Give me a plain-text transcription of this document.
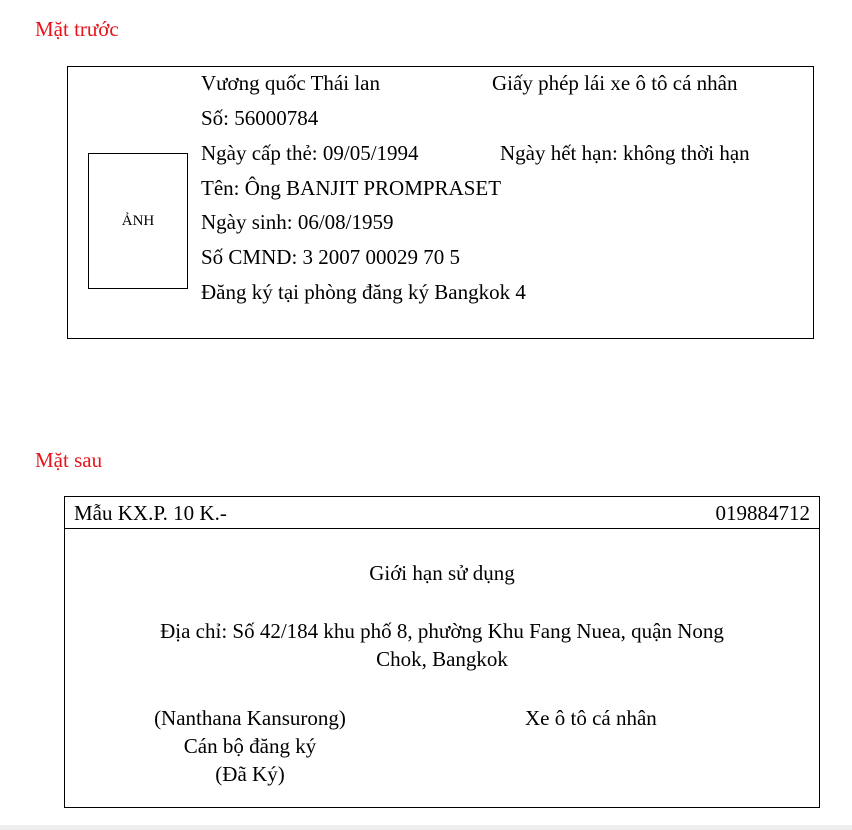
Mặt trước
ẢNH
Vương quốc Thái lan	Giấy phép lái xe ô tô cá nhân
Số: 56000784
Ngày cấp thẻ: 09/05/1994	Ngày hết hạn: không thời hạn
Tên: Ông BANJIT PROMPRASET
Ngày sinh: 06/08/1959
Số CMND: 3 2007 00029 70 5
Đăng ký tại phòng đăng ký Bangkok 4
Mặt sau
Mẫu KX.P. 10 K.-	019884712
Giới hạn sử dụng
Địa chỉ: Số 42/184 khu phố 8, phường Khu Fang Nuea, quận Nong
Chok, Bangkok
(Nanthana Kansurong)
Cán bộ đăng ký
(Đã Ký)
Xe ô tô cá nhân
